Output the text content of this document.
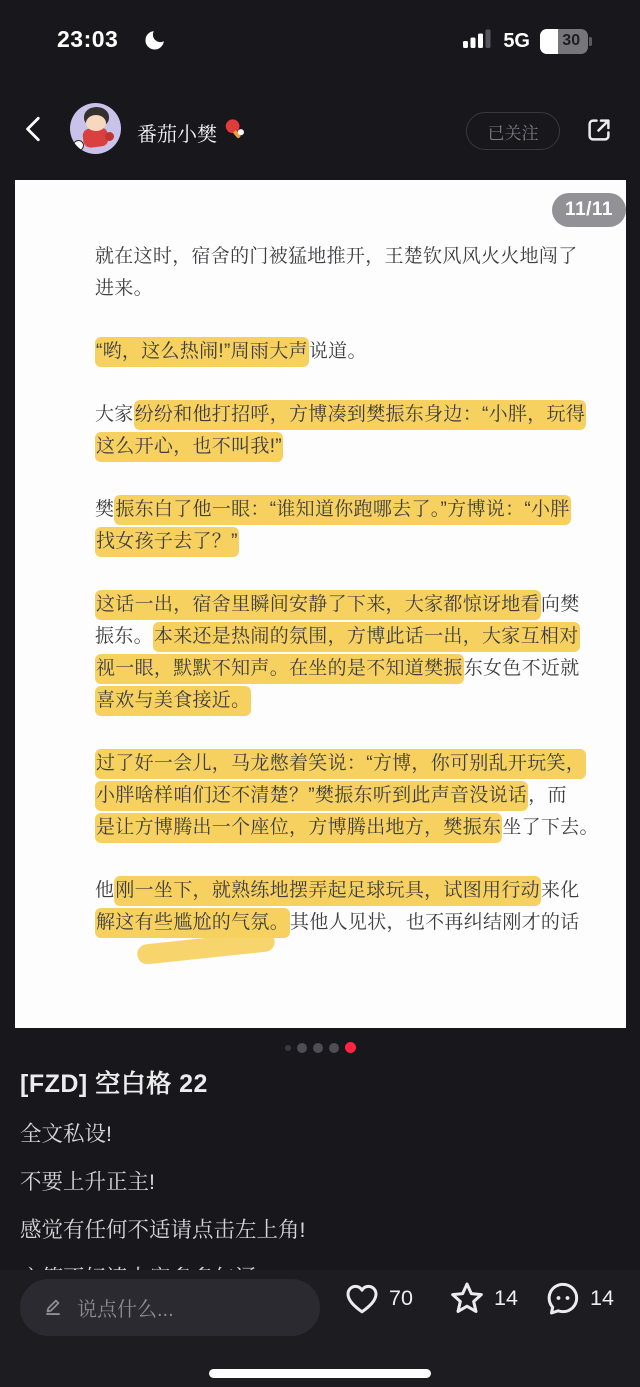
23:03	5G	30
番茄小樊	已关注
11/11
就在这时，宿舍的门被猛地推开，王楚钦风风火火地闯了
进来。
“哟，这么热闹!”周雨大声说道。
大家纷纷和他打招呼，方博凑到樊振东身边：“小胖，玩得
这么开心，也不叫我!”
樊振东白了他一眼：“谁知道你跑哪去了。”方博说：“小胖
找女孩子去了？”
这话一出，宿舍里瞬间安静了下来，大家都惊讶地看向樊
振东。本来还是热闹的氛围，方博此话一出，大家互相对
视一眼，默默不知声。在坐的是不知道樊振东女色不近就
喜欢与美食接近。
过了好一会儿，马龙憋着笑说：“方博，你可别乱开玩笑，
小胖啥样咱们还不清楚？”樊振东听到此声音没说话，而
是让方博腾出一个座位，方博腾出地方，樊振东坐了下去。
他刚一坐下，就熟练地摆弄起足球玩具，试图用行动来化
解这有些尴尬的气氛。其他人见状，也不再纠结刚才的话
[FZD] 空白格 22
全文私设!
不要上升正主!
感觉有任何不适请点击左上角!
说点什么...
70	14	14
